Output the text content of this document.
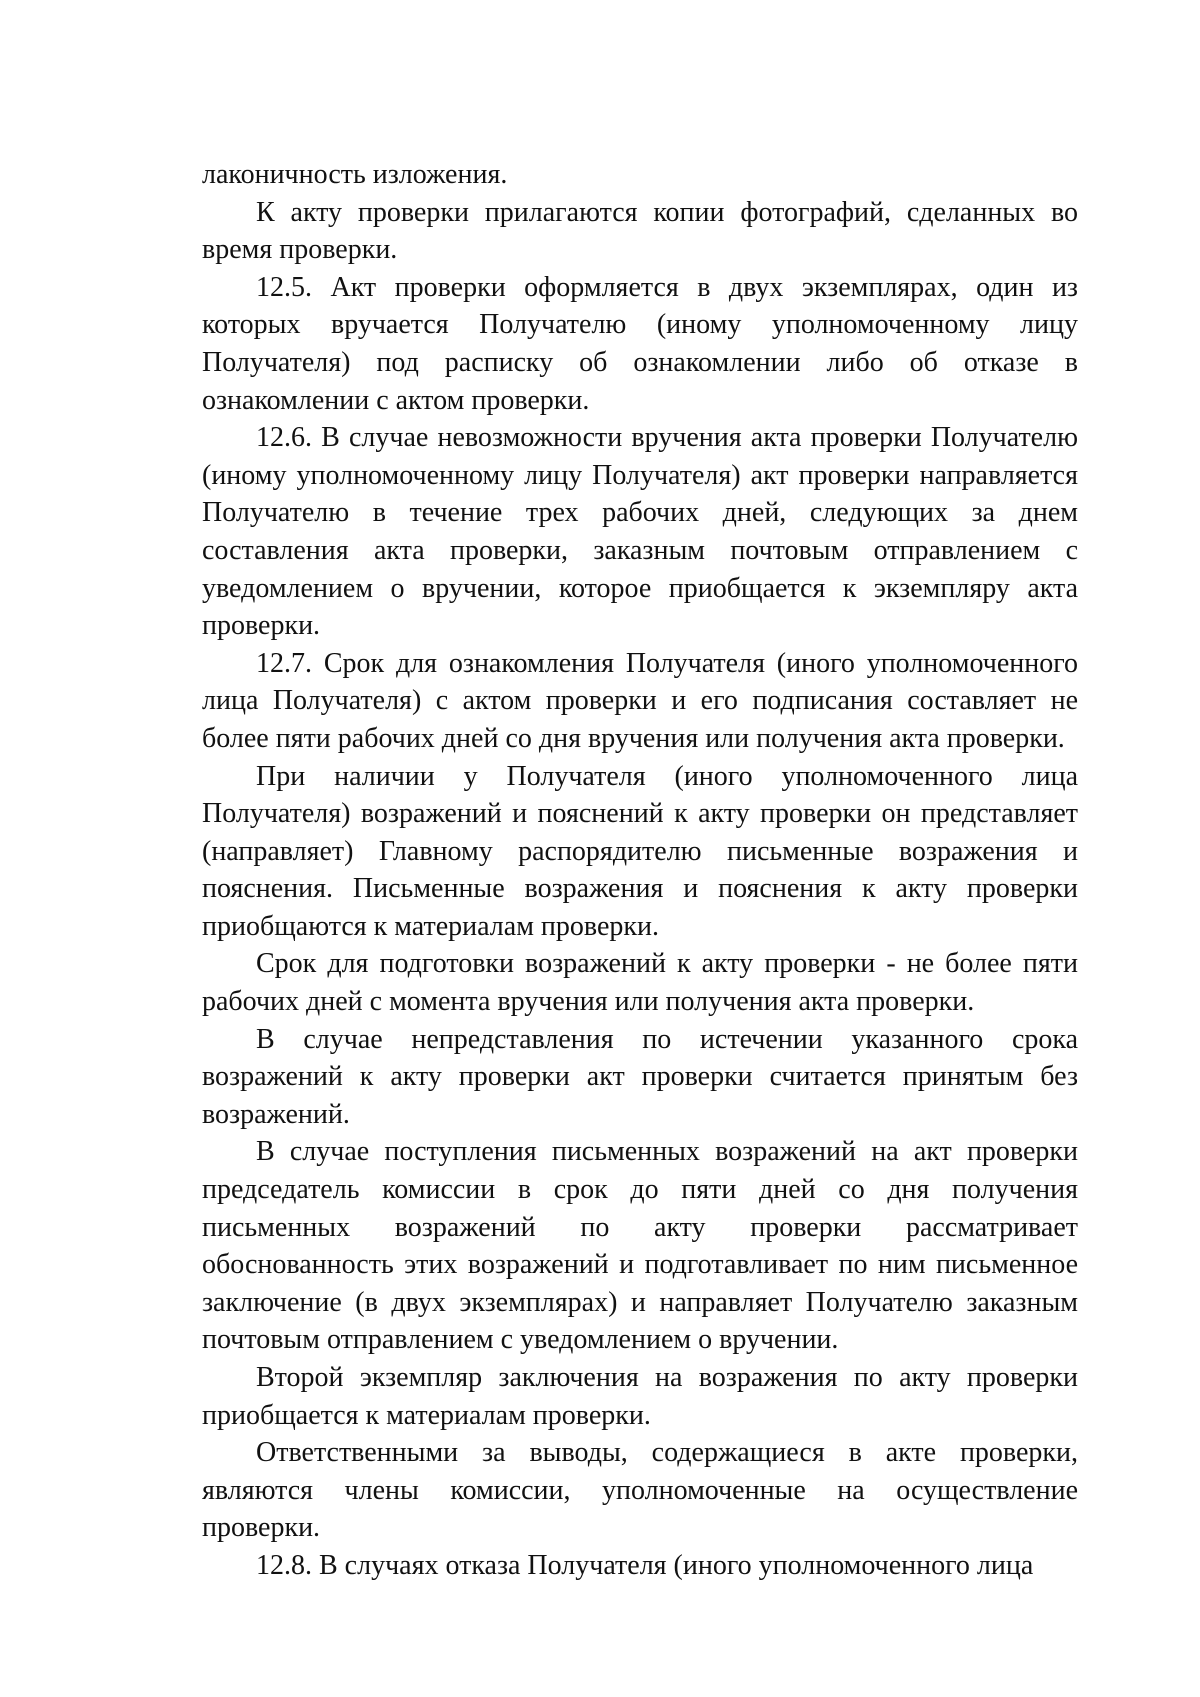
лаконичность изложения.

К акту проверки прилагаются копии фотографий, сделанных во время проверки.

12.5. Акт проверки оформляется в двух экземплярах, один из которых вручается Получателю (иному уполномоченному лицу Получателя) под расписку об ознакомлении либо об отказе в ознакомлении с актом проверки.

12.6. В случае невозможности вручения акта проверки Получателю (иному уполномоченному лицу Получателя) акт проверки направляется Получателю в течение трех рабочих дней, следующих за днем составления акта проверки, заказным почтовым отправлением с уведомлением о вручении, которое приобщается к экземпляру акта проверки.

12.7. Срок для ознакомления Получателя (иного уполномоченного лица Получателя) с актом проверки и его подписания составляет не более пяти рабочих дней со дня вручения или получения акта проверки.

При наличии у Получателя (иного уполномоченного лица Получателя) возражений и пояснений к акту проверки он представляет (направляет) Главному распорядителю письменные возражения и пояснения. Письменные возражения и пояснения к акту проверки приобщаются к материалам проверки.

Срок для подготовки возражений к акту проверки - не более пяти рабочих дней с момента вручения или получения акта проверки.

В случае непредставления по истечении указанного срока возражений к акту проверки акт проверки считается принятым без возражений.

В случае поступления письменных возражений на акт проверки председатель комиссии в срок до пяти дней со дня получения письменных возражений по акту проверки рассматривает обоснованность этих возражений и подготавливает по ним письменное заключение (в двух экземплярах) и направляет Получателю заказным почтовым отправлением с уведомлением о вручении.

Второй экземпляр заключения на возражения по акту проверки приобщается к материалам проверки.

Ответственными за выводы, содержащиеся в акте проверки, являются члены комиссии, уполномоченные на осуществление проверки.

12.8. В случаях отказа Получателя (иного уполномоченного лица
